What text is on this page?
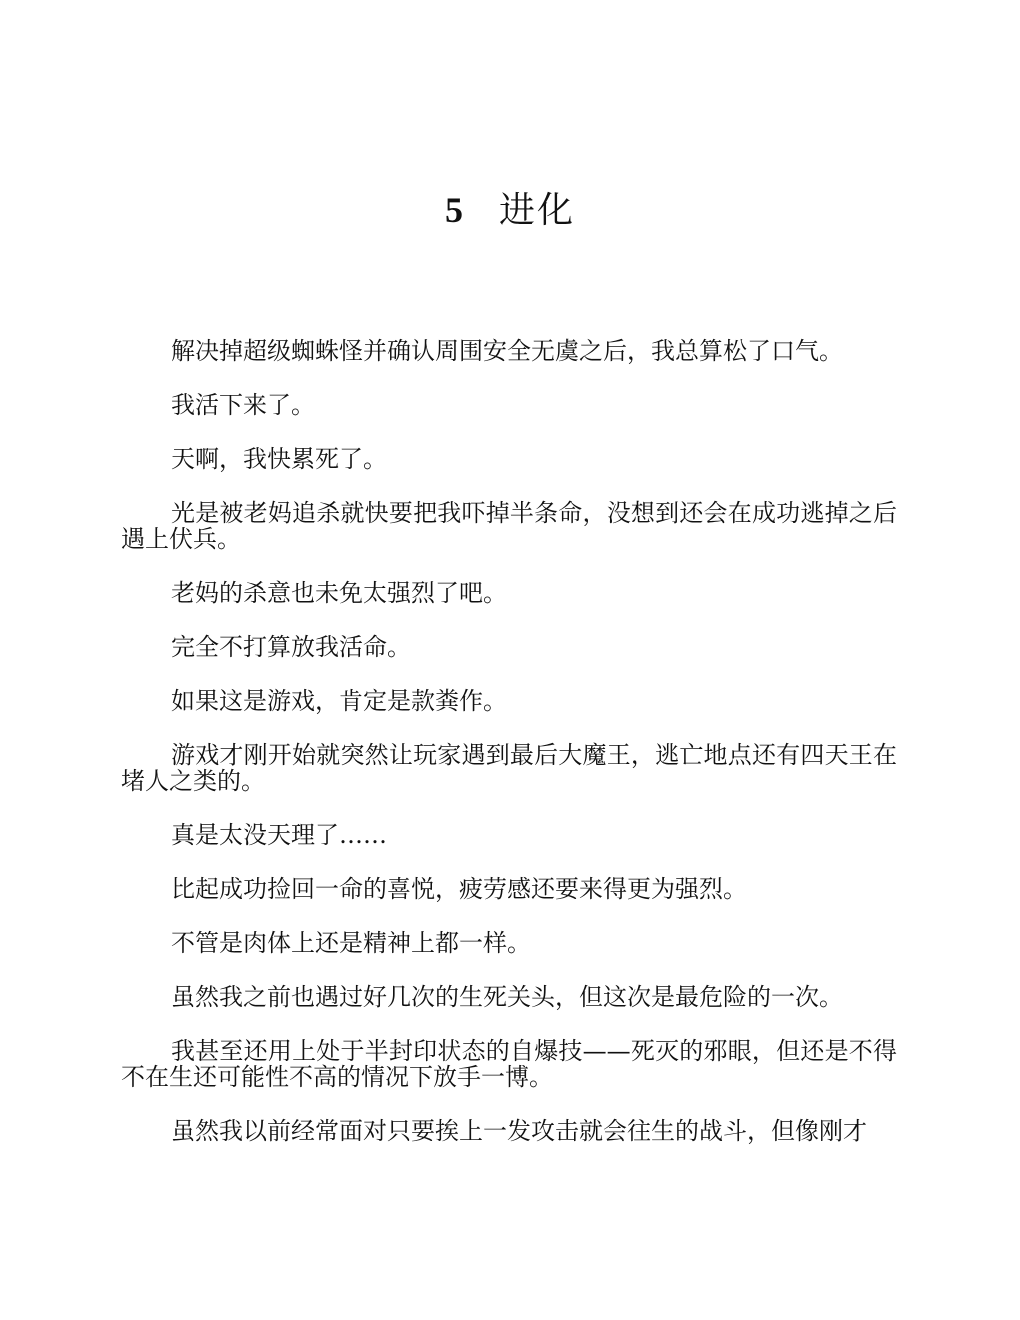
5 进化

解决掉超级蜘蛛怪并确认周围安全无虞之后，我总算松了口气。

我活下来了。

天啊，我快累死了。

光是被老妈追杀就快要把我吓掉半条命，没想到还会在成功逃掉之后遇上伏兵。

老妈的杀意也未免太强烈了吧。

完全不打算放我活命。

如果这是游戏，肯定是款粪作。

游戏才刚开始就突然让玩家遇到最后大魔王，逃亡地点还有四天王在堵人之类的。

真是太没天理了……

比起成功捡回一命的喜悦，疲劳感还要来得更为强烈。

不管是肉体上还是精神上都一样。

虽然我之前也遇过好几次的生死关头，但这次是最危险的一次。

我甚至还用上处于半封印状态的自爆技——死灭的邪眼，但还是不得不在生还可能性不高的情况下放手一博。

虽然我以前经常面对只要挨上一发攻击就会往生的战斗，但像刚才
